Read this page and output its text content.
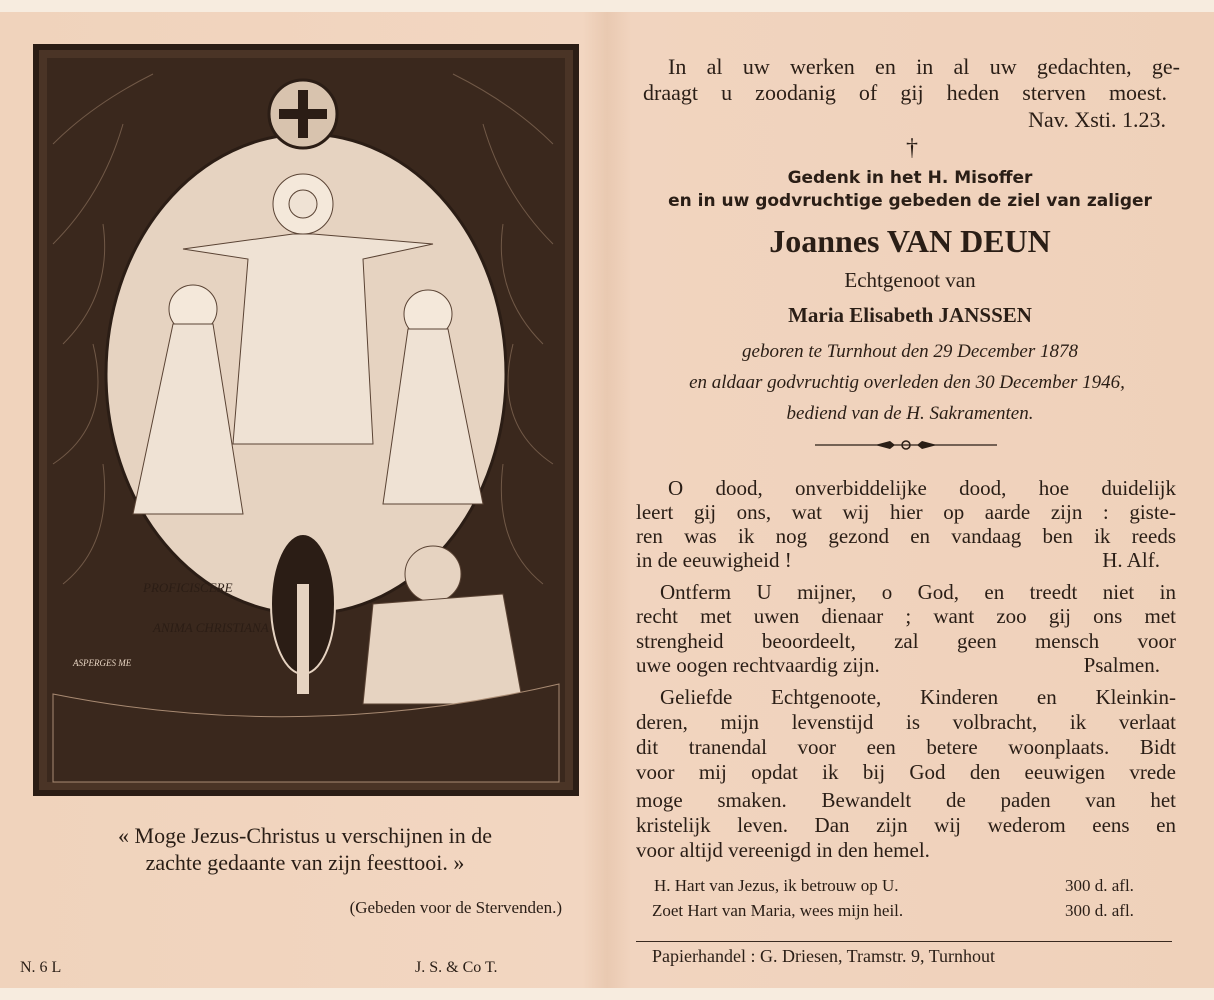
PROFICISCERE
ANIMA CHRISTIANA
ASPERGES ME
« Moge Jezus-Christus u verschijnen in de
zachte gedaante van zijn feesttooi. »
(Gebeden voor de Stervenden.)
N. 6 L	J. S. & Co T.
In al uw werken en in al uw gedachten, ge-
draagt u zoodanig of gij heden sterven moest.
Nav. Xsti. 1.23.
†
Gedenk in het H. Misoffer
en in uw godvruchtige gebeden de ziel van zaliger
Joannes VAN DEUN
Echtgenoot van
Maria Elisabeth JANSSEN
geboren te Turnhout den 29 December 1878
en aldaar godvruchtig overleden den 30 December 1946,
bediend van de H. Sakramenten.
O dood, onverbiddelijke dood, hoe duidelijk
leert gij ons, wat wij hier op aarde zijn : giste-
ren was ik nog gezond en vandaag ben ik reeds
in de eeuwigheid !	H. Alf.
Ontferm U mijner, o God, en treedt niet in
recht met uwen dienaar ; want zoo gij ons met
strengheid beoordeelt, zal geen mensch voor
uwe oogen rechtvaardig zijn.	Psalmen.
Geliefde Echtgenoote, Kinderen en Kleinkin-
deren, mijn levenstijd is volbracht, ik verlaat
dit tranendal voor een betere woonplaats. Bidt
voor mij opdat ik bij God den eeuwigen vrede
moge smaken. Bewandelt de paden van het
kristelijk leven. Dan zijn wij wederom eens en
voor altijd vereenigd in den hemel.
H. Hart van Jezus, ik betrouw op U.	300 d. afl.
Zoet Hart van Maria, wees mijn heil.	300 d. afl.
Papierhandel : G. Driesen, Tramstr. 9, Turnhout
